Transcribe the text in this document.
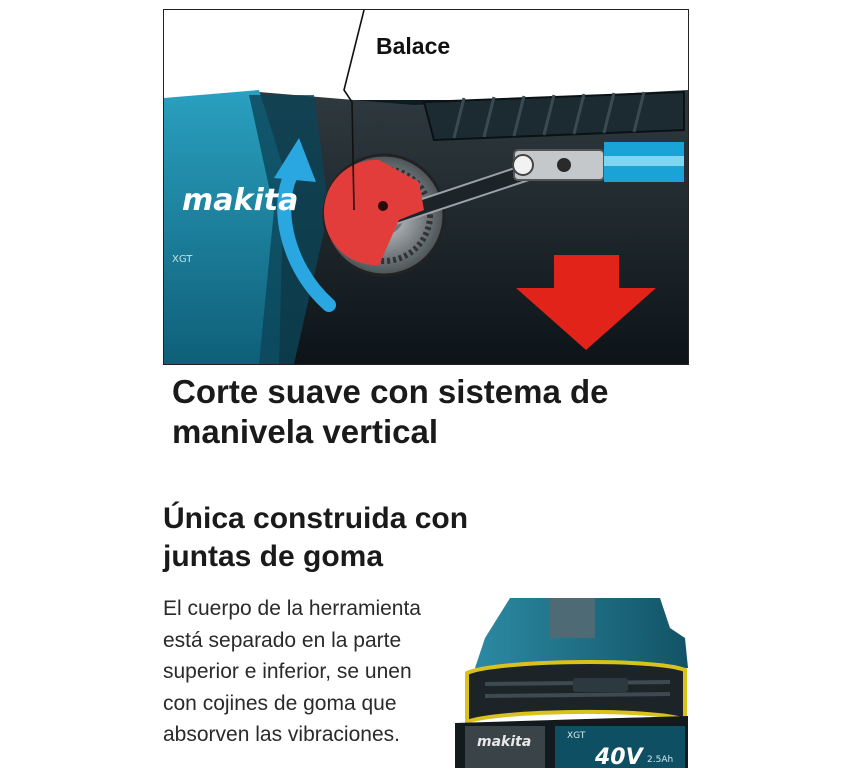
makita
XGT
Balace
Corte suave con sistema de
manivela vertical
Única construida con
juntas de goma
El cuerpo de la herramienta
está separado en la parte
superior e inferior, se unen
con cojines de goma que
absorven las vibraciones.	makita	XGT
40V 2.5Ah
